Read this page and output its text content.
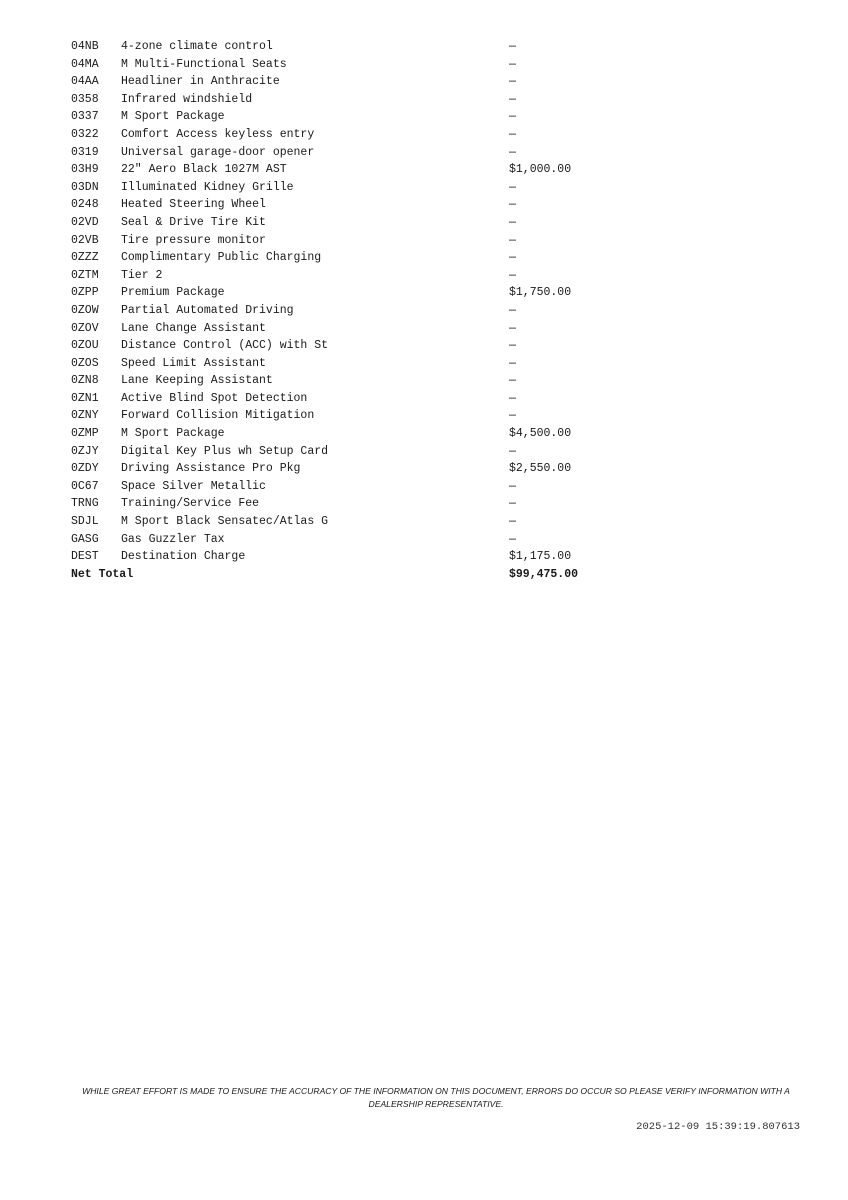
04NB 4-zone climate control	—
04MA M Multi-Functional Seats	—
04AA Headliner in Anthracite	—
0358 Infrared windshield	—
0337 M Sport Package	—
0322 Comfort Access keyless entry	—
0319 Universal garage-door opener	—
03H9 22" Aero Black 1027M AST	$1,000.00
03DN Illuminated Kidney Grille	—
0248 Heated Steering Wheel	—
02VD Seal & Drive Tire Kit	—
02VB Tire pressure monitor	—
0ZZZ Complimentary Public Charging	—
0ZTM Tier 2	—
0ZPP Premium Package	$1,750.00
0ZOW Partial Automated Driving	—
0ZOV Lane Change Assistant	—
0ZOU Distance Control (ACC) with St	—
0ZOS Speed Limit Assistant	—
0ZN8 Lane Keeping Assistant	—
0ZN1 Active Blind Spot Detection	—
0ZNY Forward Collision Mitigation	—
0ZMP M Sport Package	$4,500.00
0ZJY Digital Key Plus wh Setup Card	—
0ZDY Driving Assistance Pro Pkg	$2,550.00
0C67 Space Silver Metallic	—
TRNG Training/Service Fee	—
SDJL M Sport Black Sensatec/Atlas G	—
GASG Gas Guzzler Tax	—
DEST Destination Charge	$1,175.00
Net Total	$99,475.00
WHILE GREAT EFFORT IS MADE TO ENSURE THE ACCURACY OF THE INFORMATION ON THIS DOCUMENT, ERRORS DO OCCUR SO PLEASE VERIFY INFORMATION WITH A DEALERSHIP REPRESENTATIVE.
2025-12-09 15:39:19.807613
